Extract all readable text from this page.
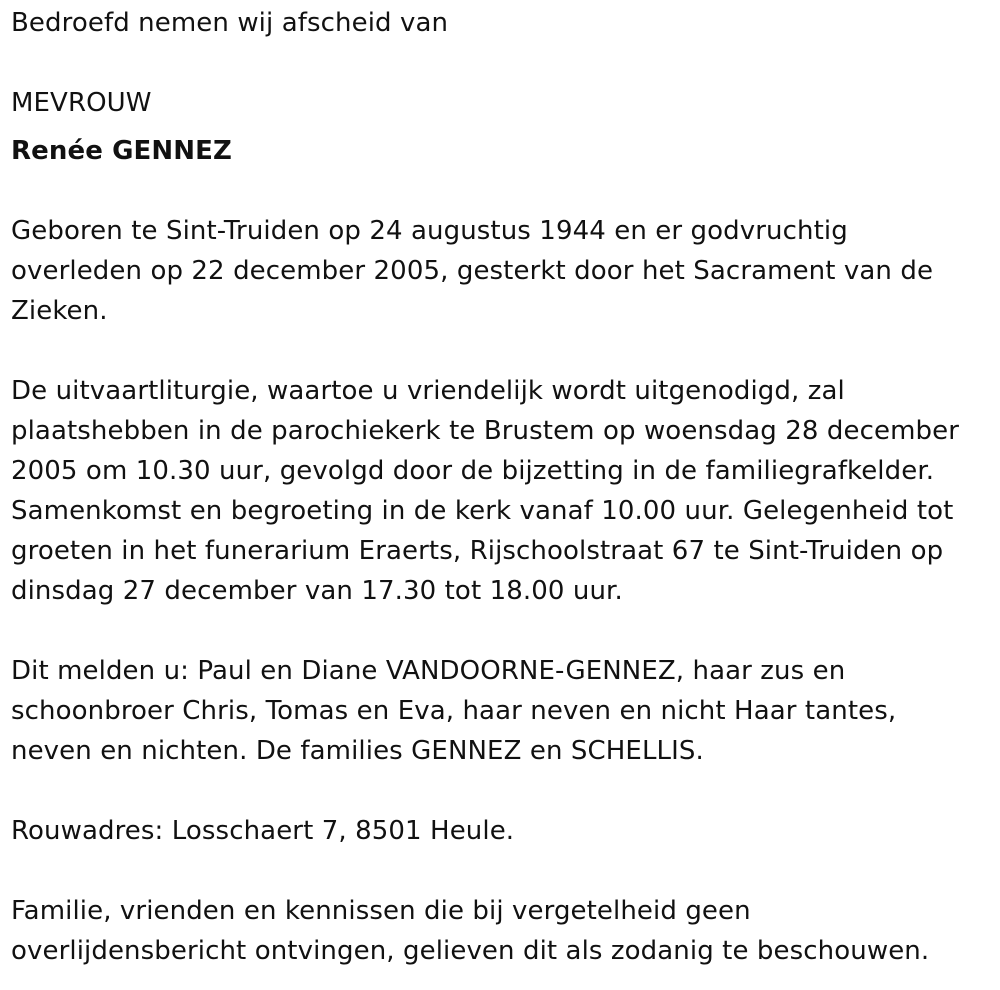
Bedroefd nemen wij afscheid van
MEVROUW
Renée GENNEZ
Geboren te Sint-Truiden op 24 augustus 1944 en er godvruchtig
overleden op 22 december 2005, gesterkt door het Sacrament van de
Zieken.
De uitvaartliturgie, waartoe u vriendelijk wordt uitgenodigd, zal
plaatshebben in de parochiekerk te Brustem op woensdag 28 december
2005 om 10.30 uur, gevolgd door de bijzetting in de familiegrafkelder.
Samenkomst en begroeting in de kerk vanaf 10.00 uur. Gelegenheid tot
groeten in het funerarium Eraerts, Rijschoolstraat 67 te Sint-Truiden op
dinsdag 27 december van 17.30 tot 18.00 uur.
Dit melden u: Paul en Diane VANDOORNE-GENNEZ, haar zus en
schoonbroer Chris, Tomas en Eva, haar neven en nicht Haar tantes,
neven en nichten. De families GENNEZ en SCHELLIS.
Rouwadres: Losschaert 7, 8501 Heule.
Familie, vrienden en kennissen die bij vergetelheid geen
overlijdensbericht ontvingen, gelieven dit als zodanig te beschouwen.
